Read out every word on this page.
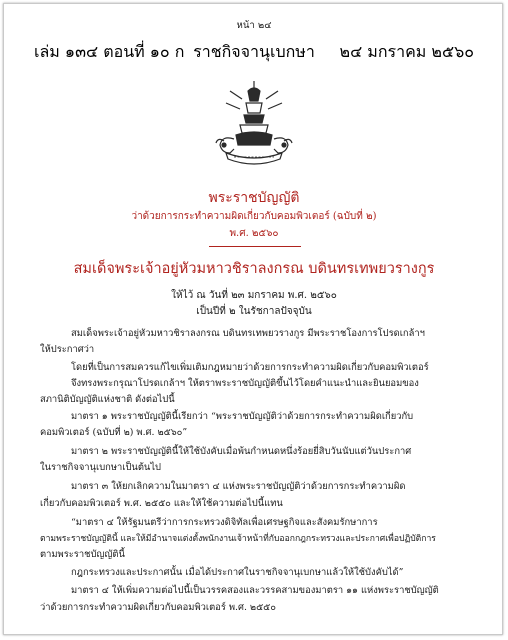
หน้า ๒๔
เล่ม ๑๓๔ ตอนที่ ๑๐ ก ราชกิจจานุเบกษา	๒๔ มกราคม ๒๕๖๐
พระราชบัญญัติ
ว่าด้วยการกระทำความผิดเกี่ยวกับคอมพิวเตอร์ (ฉบับที่ ๒)
พ.ศ. ๒๕๖๐
สมเด็จพระเจ้าอยู่หัวมหาวชิราลงกรณ บดินทรเทพยวรางกูร
ให้ไว้ ณ วันที่ ๒๓ มกราคม พ.ศ. ๒๕๖๐
เป็นปีที่ ๒ ในรัชกาลปัจจุบัน
สมเด็จพระเจ้าอยู่หัวมหาวชิราลงกรณ บดินทรเทพยวรางกูร มีพระราชโองการโปรดเกล้าฯ
ให้ประกาศว่า
โดยที่เป็นการสมควรแก้ไขเพิ่มเติมกฎหมายว่าด้วยการกระทำความผิดเกี่ยวกับคอมพิวเตอร์
จึงทรงพระกรุณาโปรดเกล้าฯ ให้ตราพระราชบัญญัติขึ้นไว้โดยคำแนะนำและยินยอมของ
สภานิติบัญญัติแห่งชาติ ดังต่อไปนี้
มาตรา ๑ พระราชบัญญัตินี้เรียกว่า “พระราชบัญญัติว่าด้วยการกระทำความผิดเกี่ยวกับ
คอมพิวเตอร์ (ฉบับที่ ๒) พ.ศ. ๒๕๖๐”
มาตรา ๒ พระราชบัญญัตินี้ให้ใช้บังคับเมื่อพ้นกำหนดหนึ่งร้อยยี่สิบวันนับแต่วันประกาศ
ในราชกิจจานุเบกษาเป็นต้นไป
มาตรา ๓ ให้ยกเลิกความในมาตรา ๔ แห่งพระราชบัญญัติว่าด้วยการกระทำความผิด
เกี่ยวกับคอมพิวเตอร์ พ.ศ. ๒๕๕๐ และให้ใช้ความต่อไปนี้แทน
“มาตรา ๔ ให้รัฐมนตรีว่าการกระทรวงดิจิทัลเพื่อเศรษฐกิจและสังคมรักษาการ
ตามพระราชบัญญัตินี้ และให้มีอำนาจแต่งตั้งพนักงานเจ้าหน้าที่กับออกกฎกระทรวงและประกาศเพื่อปฏิบัติการ
ตามพระราชบัญญัตินี้
กฎกระทรวงและประกาศนั้น เมื่อได้ประกาศในราชกิจจานุเบกษาแล้วให้ใช้บังคับได้”
มาตรา ๔ ให้เพิ่มความต่อไปนี้เป็นวรรคสองและวรรคสามของมาตรา ๑๑ แห่งพระราชบัญญัติ
ว่าด้วยการกระทำความผิดเกี่ยวกับคอมพิวเตอร์ พ.ศ. ๒๕๕๐
